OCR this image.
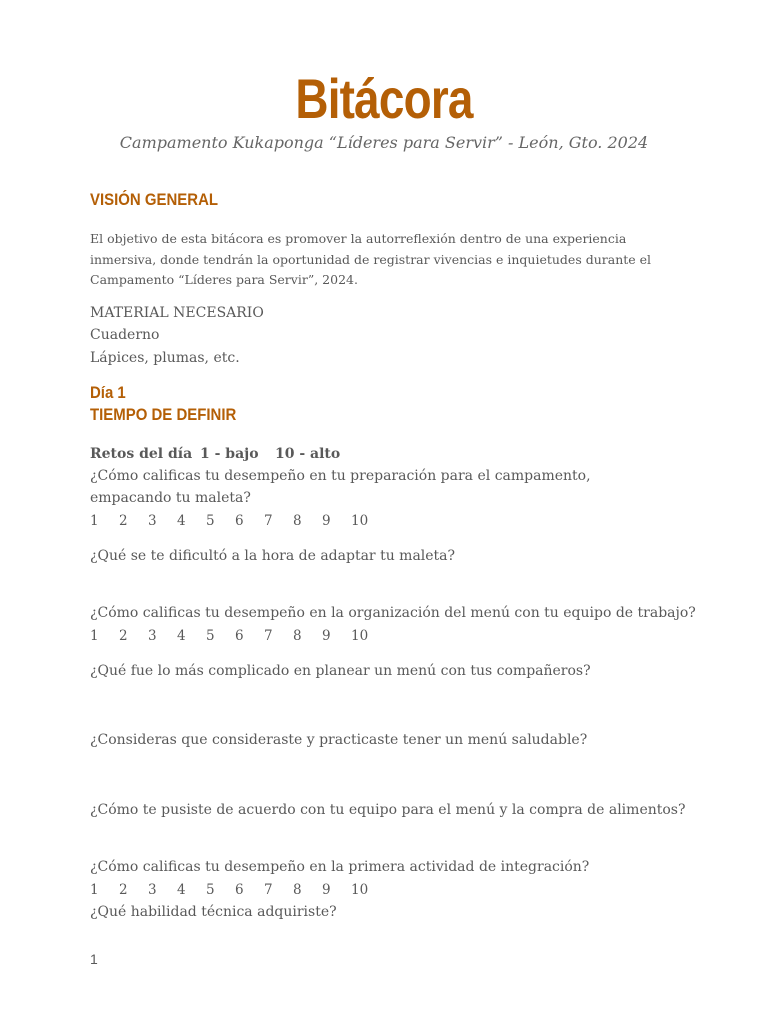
Bitácora

Campamento Kukaponga “Líderes para Servir” - León, Gto. 2024

VISIÓN GENERAL

El objetivo de esta bitácora es promover la autorreflexión dentro de una experiencia inmersiva, donde tendrán la oportunidad de registrar vivencias e inquietudes durante el Campamento “Líderes para Servir”, 2024.

MATERIAL NECESARIO

Cuaderno

Lápices, plumas, etc.

Día 1
TIEMPO DE DEFINIR

Retos del día 1 - bajo 10 - alto

¿Cómo calificas tu desempeño en tu preparación para el campamento, empacando tu maleta?

1 2 3 4 5 6 7 8 9 10

¿Qué se te dificultó a la hora de adaptar tu maleta?

¿Cómo calificas tu desempeño en la organización del menú con tu equipo de trabajo?

1 2 3 4 5 6 7 8 9 10

¿Qué fue lo más complicado en planear un menú con tus compañeros?

¿Consideras que consideraste y practicaste tener un menú saludable?

¿Cómo te pusiste de acuerdo con tu equipo para el menú y la compra de alimentos?

¿Cómo calificas tu desempeño en la primera actividad de integración?

1 2 3 4 5 6 7 8 9 10

¿Qué habilidad técnica adquiriste?

1
